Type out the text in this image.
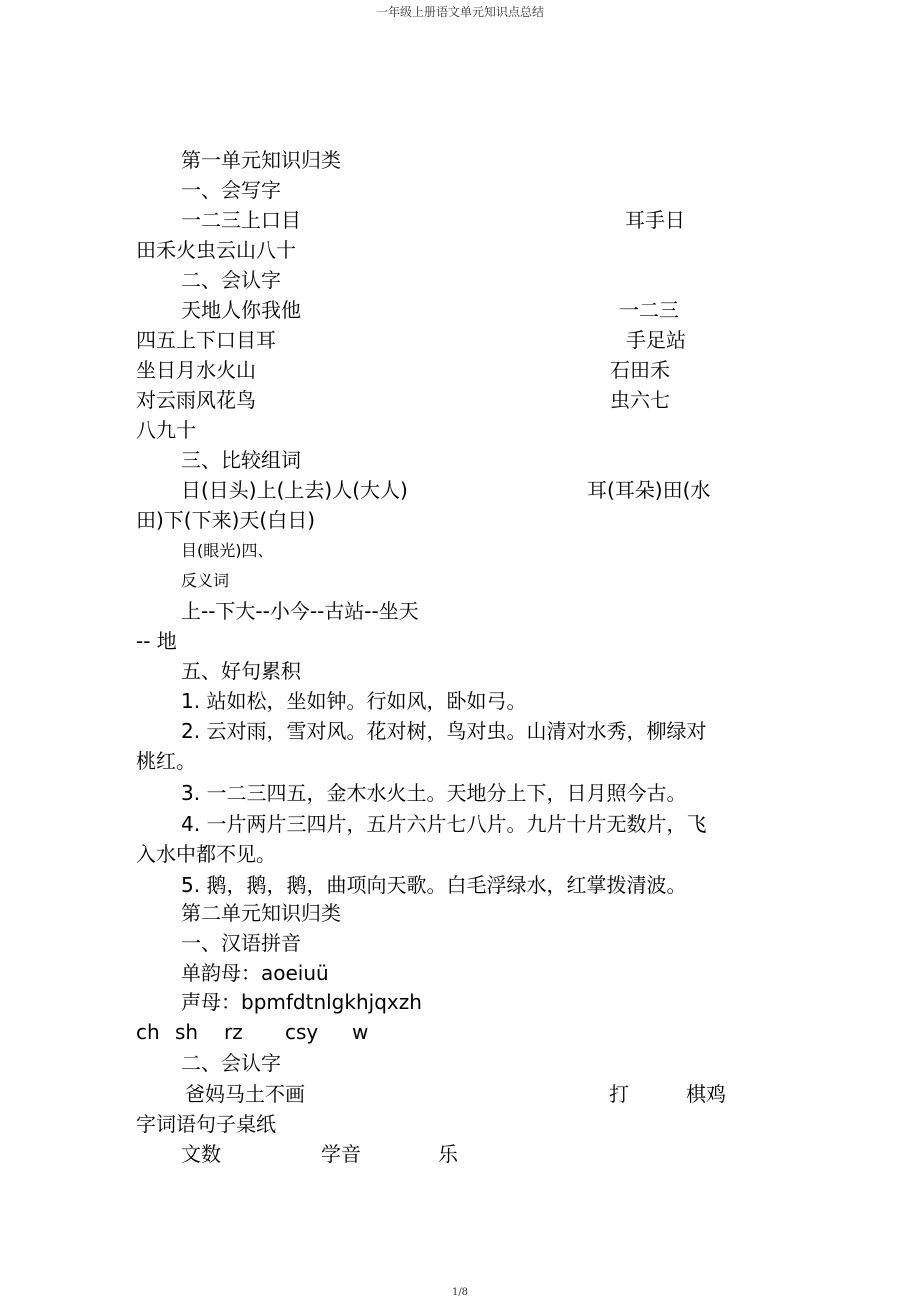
一年级上册语文单元知识点总结
第一单元知识归类
一、会写字
一二三上口目	耳手日
田禾火虫云山八十
二、会认字
天地人你我他	一二三
四五上下口目耳	手足站
坐日月水火山	石田禾
对云雨风花鸟	虫六七
八九十
三、比较组词
日(日头)上(上去)人(大人)	耳(耳朵)田(水
田)下(下来)天(白日)
目(眼光)四、
反义词
上--下大--小今--古站--坐天
-- 地
五、好句累积
1. 站如松，坐如钟。行如风，卧如弓。
2. 云对雨，雪对风。花对树，鸟对虫。山清对水秀，柳绿对
桃红。
3. 一二三四五，金木水火土。天地分上下，日月照今古。
4. 一片两片三四片，五片六片七八片。九片十片无数片，飞
入水中都不见。
5. 鹅，鹅，鹅，曲项向天歌。白毛浮绿水，红掌拨清波。
第二单元知识归类
一、汉语拼音
单韵母：aoeiuü
声母：bpmfdtnlgkhjqxzh
ch sh rz csy w
二、会认字
爸妈马土不画	打	棋鸡
字词语句子桌纸
文数	学音	乐
1/8
